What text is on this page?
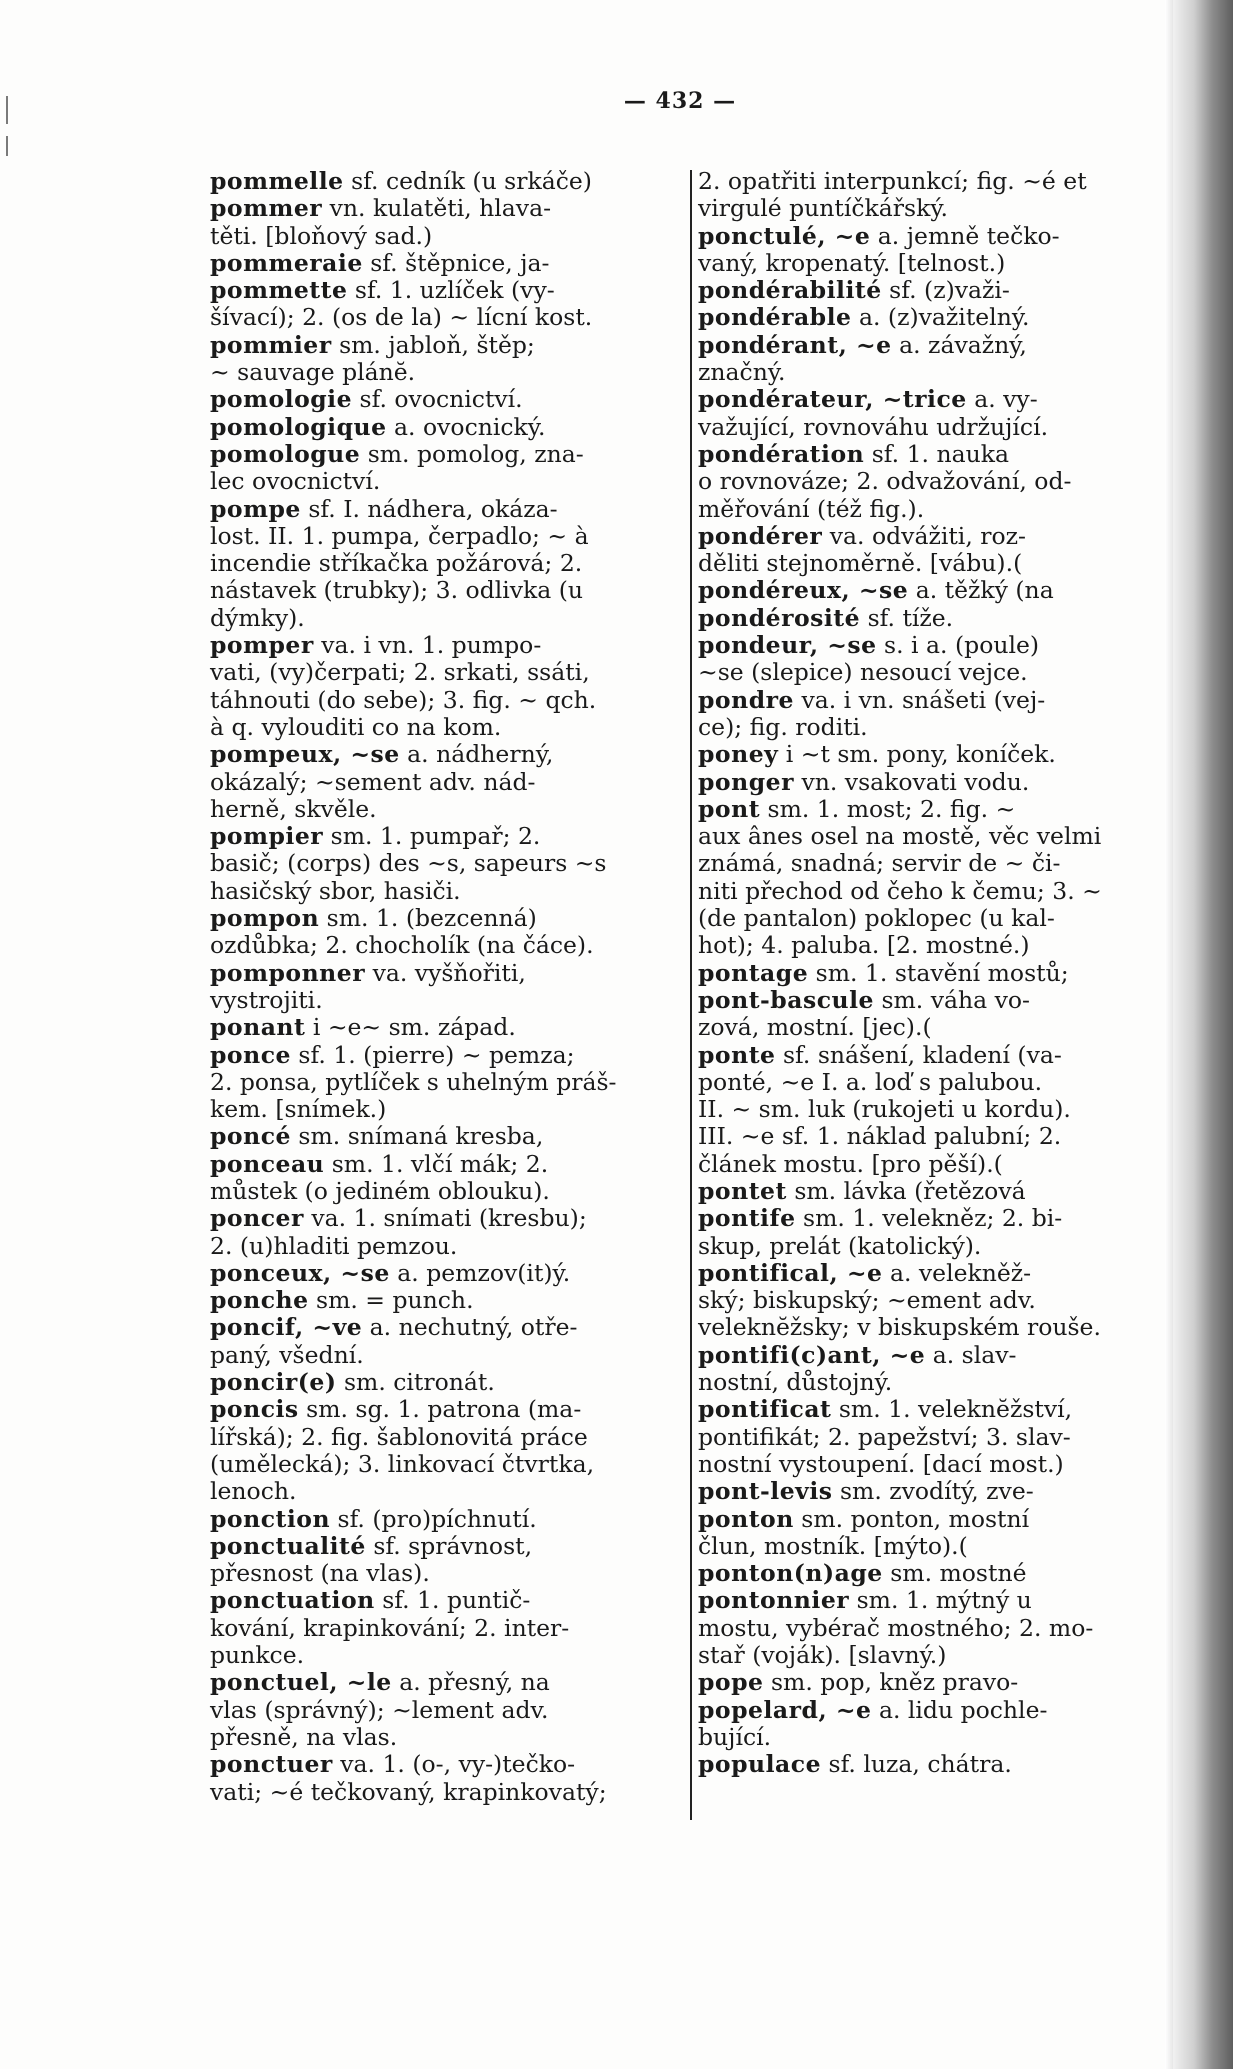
— 432 —
pommelle sf. cedník (u srkáče)
pommer vn. kulatěti, hlava-
těti. [bloňový sad.)
pommeraie sf. štěpnice, ja-
pommette sf. 1. uzlíček (vy-
šívací); 2. (os de la) ~ lícní kost.
pommier sm. jabloň, štěp;
~ sauvage plánĕ.
pomologie sf. ovocnictví.
pomologique a. ovocnický.
pomologue sm. pomolog, zna-
lec ovocnictví.
pompe sf. I. nádhera, okáza-
lost. II. 1. pumpa, čerpadlo; ~ à
incendie stříkačka požárová; 2.
nástavek (trubky); 3. odlivka (u
dýmky).
pomper va. i vn. 1. pumpo-
vati, (vy)čerpati; 2. srkati, ssáti,
táhnouti (do sebe); 3. fig. ~ qch.
à q. vylouditi co na kom.
pompeux, ~se a. nádherný,
okázalý; ~sement adv. nád-
herně, skvěle.
pompier sm. 1. pumpař; 2.
basič; (corps) des ~s, sapeurs ~s
hasičský sbor, hasiči.
pompon sm. 1. (bezcenná)
ozdůbka; 2. chocholík (na čáce).
pomponner va. vyšňořiti,
vystrojiti.
ponant i ~e~ sm. západ.
ponce sf. 1. (pierre) ~ pemza;
2. ponsa, pytlíček s uhelným práš-
kem. [snímek.)
poncé sm. snímaná kresba,
ponceau sm. 1. vlčí mák; 2.
můstek (o jediném oblouku).
poncer va. 1. snímati (kresbu);
2. (u)hladiti pemzou.
ponceux, ~se a. pemzov(it)ý.
ponche sm. = punch.
poncif, ~ve a. nechutný, otře-
paný, všední.
poncir(e) sm. citronát.
poncis sm. sg. 1. patrona (ma-
lířská); 2. fig. šablonovitá práce
(umělecká); 3. linkovací čtvrtka,
lenoch.
ponction sf. (pro)píchnutí.
ponctualité sf. správnost,
přesnost (na vlas).
ponctuation sf. 1. puntič-
kování, krapinkování; 2. inter-
punkce.
ponctuel, ~le a. přesný, na
vlas (správný); ~lement adv.
přesně, na vlas.
ponctuer va. 1. (o-, vy-)tečko-
vati; ~é tečkovaný, krapinkovatý;
2. opatřiti interpunkcí; fig. ~é et
virgulé puntíčkářský.
ponctulé, ~e a. jemně tečko-
vaný, kropenatý. [telnost.)
pondérabilité sf. (z)važi-
pondérable a. (z)važitelný.
pondérant, ~e a. závažný,
značný.
pondérateur, ~trice a. vy-
važující, rovnováhu udržující.
pondération sf. 1. nauka
o rovnováze; 2. odvažování, od-
měřování (též fig.).
pondérer va. odvážiti, roz-
děliti stejnoměrně. [vábu).(
pondéreux, ~se a. těžký (na
pondérosité sf. tíže.
pondeur, ~se s. i a. (poule)
~se (slepice) nesoucí vejce.
pondre va. i vn. snášeti (vej-
ce); fig. roditi.
poney i ~t sm. pony, koníček.
ponger vn. vsakovati vodu.
pont sm. 1. most; 2. fig. ~
aux ânes osel na mostě, věc velmi
známá, snadná; servir de ~ či-
niti přechod od čeho k čemu; 3. ~
(de pantalon) poklopec (u kal-
hot); 4. paluba. [2. mostné.)
pontage sm. 1. stavění mostů;
pont-bascule sm. váha vo-
zová, mostní. [jec).(
ponte sf. snášení, kladení (va-
ponté, ~e I. a. loď s palubou.
II. ~ sm. luk (rukojeti u kordu).
III. ~e sf. 1. náklad palubní; 2.
článek mostu. [pro pěší).(
pontet sm. lávka (řetězová
pontife sm. 1. velekněz; 2. bi-
skup, prelát (katolický).
pontifical, ~e a. velekněž-
ský; biskupský; ~ement adv.
veleknĕžsky; v biskupském rouše.
pontifi(c)ant, ~e a. slav-
nostní, důstojný.
pontificat sm. 1. veleknĕžství,
pontifikát; 2. papežství; 3. slav-
nostní vystoupení. [dací most.)
pont-levis sm. zvodítý, zve-
ponton sm. ponton, mostní
člun, mostník. [mýto).(
ponton(n)age sm. mostné
pontonnier sm. 1. mýtný u
mostu, vybérač mostného; 2. mo-
stař (voják). [slavný.)
pope sm. pop, kněz pravo-
popelard, ~e a. lidu pochle-
bující.
populace sf. luza, chátra.
